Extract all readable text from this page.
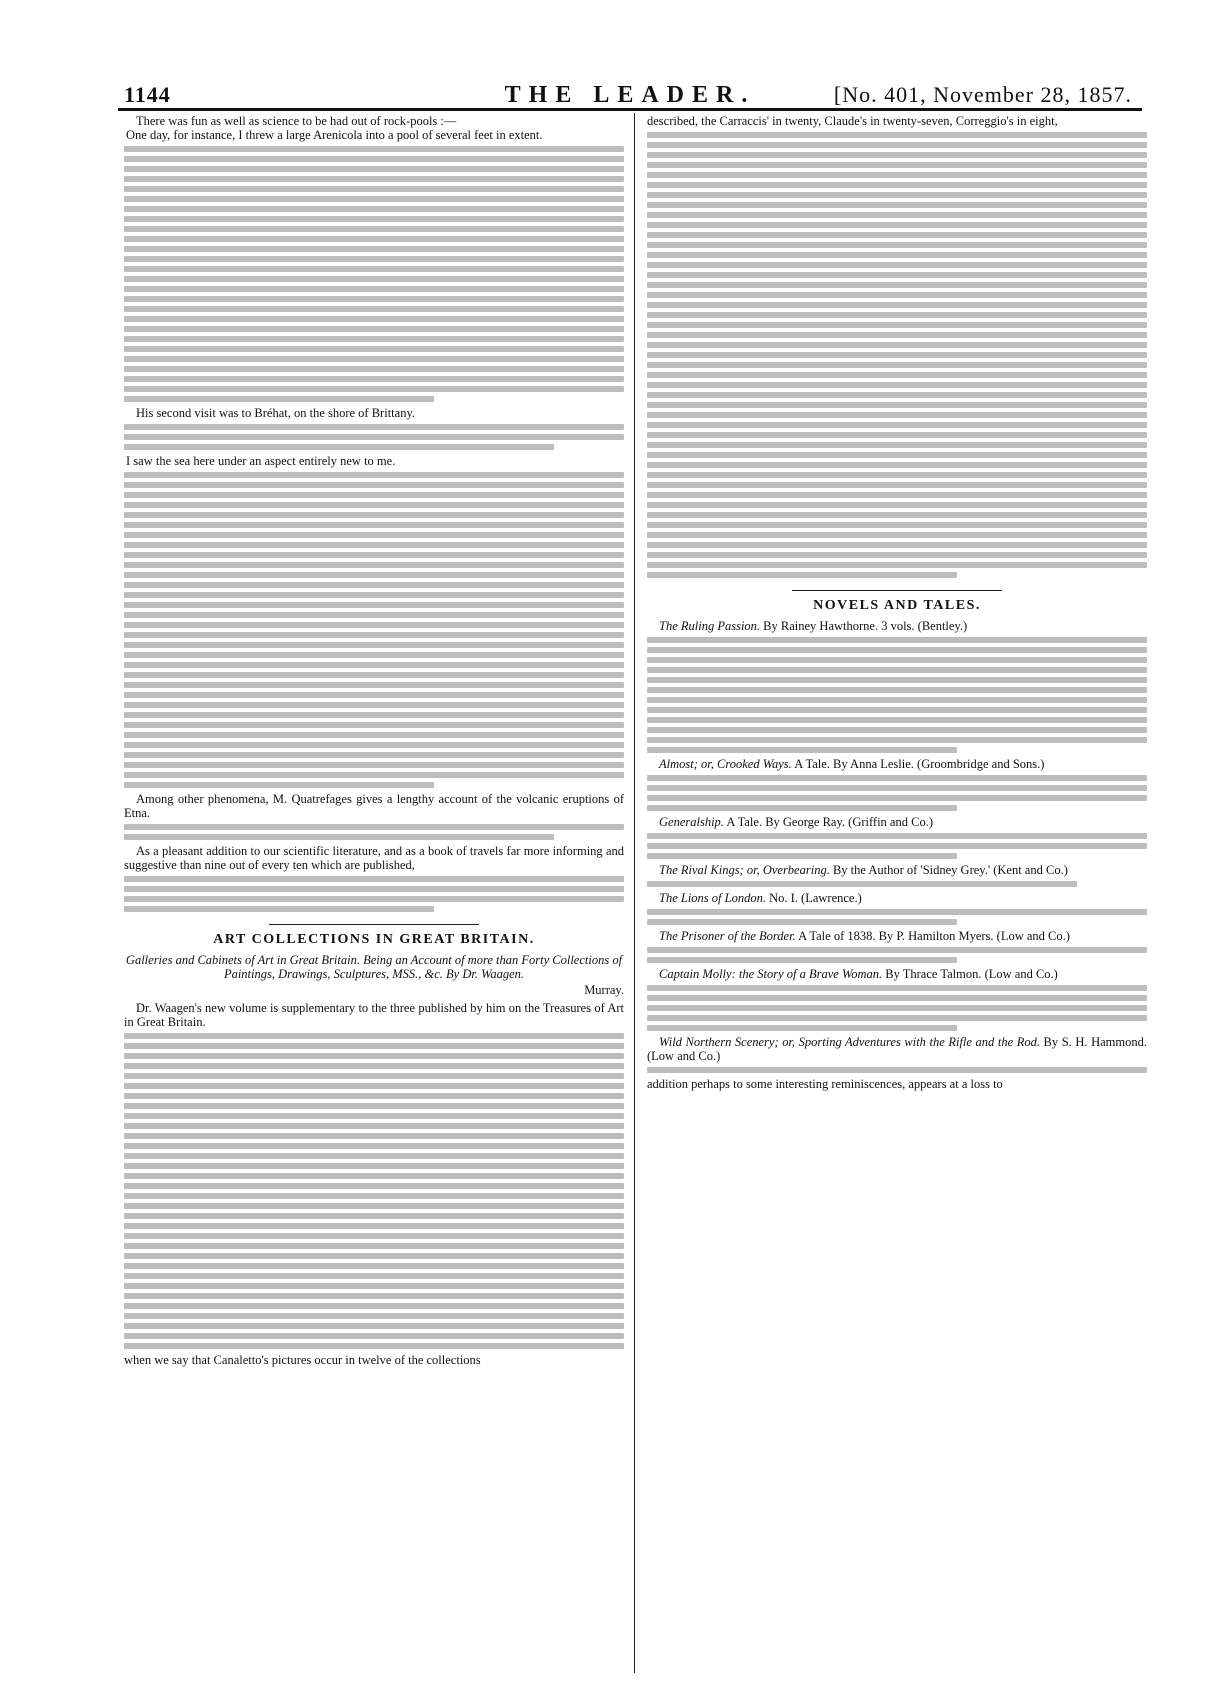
1144	THE LEADER.	[No. 401, November 28, 1857.

There was fun as well as science to be had out of rock-pools :—

One day, for instance, I threw a large Arenicola into a pool of several feet in extent.

His second visit was to Bréhat, on the shore of Brittany.

I saw the sea here under an aspect entirely new to me.

Among other phenomena, M. Quatrefages gives a lengthy account of the volcanic eruptions of Etna.

As a pleasant addition to our scientific literature, and as a book of travels far more informing and suggestive than nine out of every ten which are published,

ART COLLECTIONS IN GREAT BRITAIN.

Galleries and Cabinets of Art in Great Britain. Being an Account of more than Forty Collections of Paintings, Drawings, Sculptures, MSS., &c. By Dr. Waagen.

Murray.

Dr. Waagen's new volume is supplementary to the three published by him on the Treasures of Art in Great Britain.

when we say that Canaletto's pictures occur in twelve of the collections

described, the Carraccis' in twenty, Claude's in twenty-seven, Correggio's in eight,

NOVELS AND TALES.

The Ruling Passion. By Rainey Hawthorne. 3 vols. (Bentley.)

Almost; or, Crooked Ways. A Tale. By Anna Leslie. (Groombridge and Sons.)

Generalship. A Tale. By George Ray. (Griffin and Co.)

The Rival Kings; or, Overbearing. By the Author of 'Sidney Grey.' (Kent and Co.)

The Lions of London. No. I. (Lawrence.)

The Prisoner of the Border. A Tale of 1838. By P. Hamilton Myers. (Low and Co.)

Captain Molly: the Story of a Brave Woman. By Thrace Talmon. (Low and Co.)

Wild Northern Scenery; or, Sporting Adventures with the Rifle and the Rod. By S. H. Hammond. (Low and Co.)

addition perhaps to some interesting reminiscences, appears at a loss to
